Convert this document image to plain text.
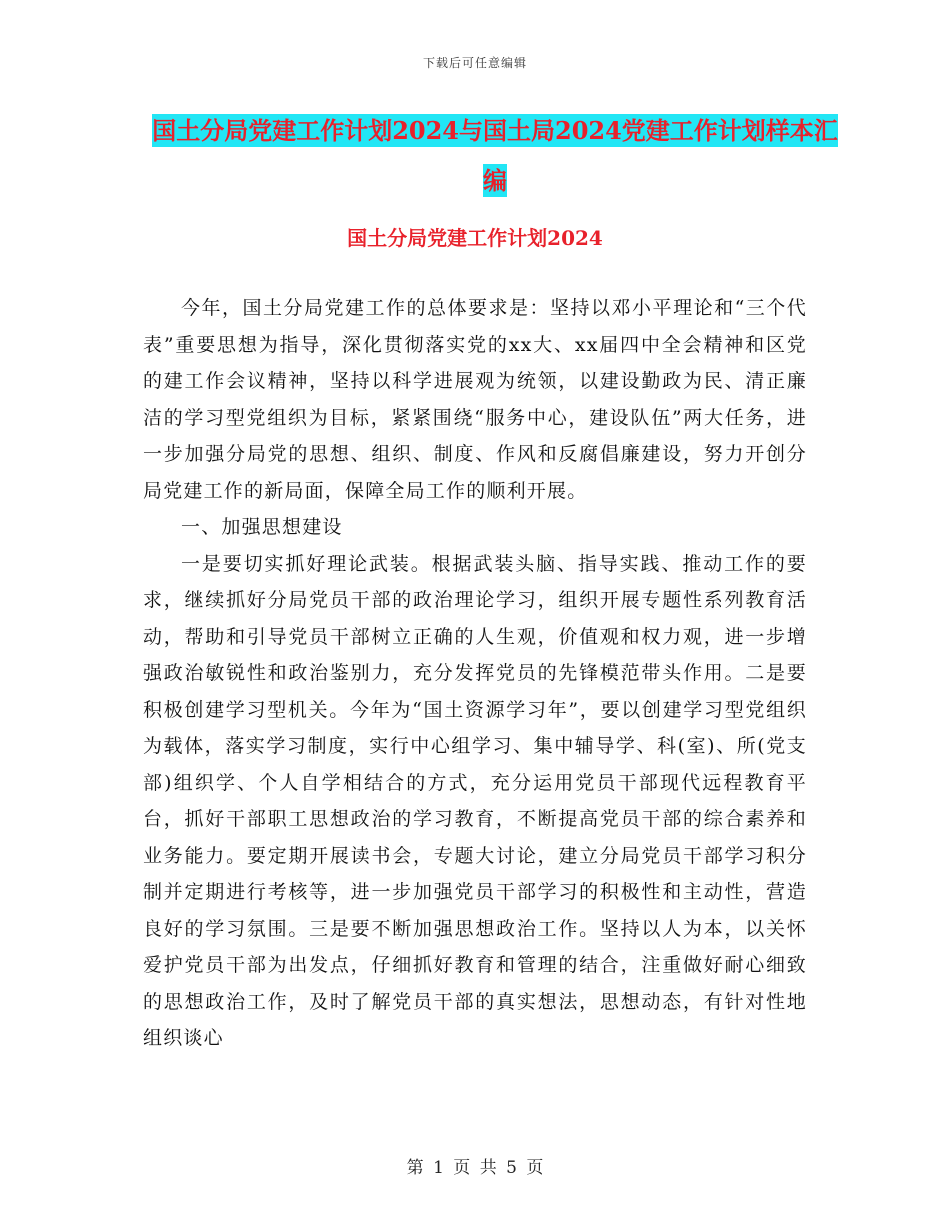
下载后可任意编辑
国土分局党建工作计划2024与国土局2024党建工作计划样本汇编
国土分局党建工作计划2024

今年，国土分局党建工作的总体要求是：坚持以邓小平理论和“三个代表”重要思想为指导，深化贯彻落实党的xx大、xx届四中全会精神和区党的建工作会议精神，坚持以科学进展观为统领，以建设勤政为民、清正廉洁的学习型党组织为目标，紧紧围绕“服务中心，建设队伍”两大任务，进一步加强分局党的思想、组织、制度、作风和反腐倡廉建设，努力开创分局党建工作的新局面，保障全局工作的顺利开展。

一、加强思想建设

一是要切实抓好理论武装。根据武装头脑、指导实践、推动工作的要求，继续抓好分局党员干部的政治理论学习，组织开展专题性系列教育活动，帮助和引导党员干部树立正确的人生观，价值观和权力观，进一步增强政治敏锐性和政治鉴别力，充分发挥党员的先锋模范带头作用。二是要积极创建学习型机关。今年为“国土资源学习年”，要以创建学习型党组织为载体，落实学习制度，实行中心组学习、集中辅导学、科(室)、所(党支部)组织学、个人自学相结合的方式，充分运用党员干部现代远程教育平台，抓好干部职工思想政治的学习教育，不断提高党员干部的综合素养和业务能力。要定期开展读书会，专题大讨论，建立分局党员干部学习积分制并定期进行考核等，进一步加强党员干部学习的积极性和主动性，营造良好的学习氛围。三是要不断加强思想政治工作。坚持以人为本，以关怀爱护党员干部为出发点，仔细抓好教育和管理的结合，注重做好耐心细致的思想政治工作，及时了解党员干部的真实想法，思想动态，有针对性地组织谈心

第 1 页 共 5 页
